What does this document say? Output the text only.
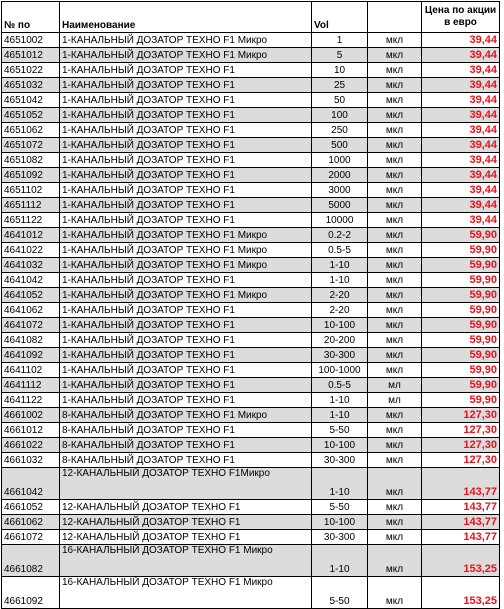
№ по	Наименование	Vol		Цена по акции в евро
4651002	1-КАНАЛЬНЫЙ ДОЗАТОР ТЕХНО F1 Микро	1	мкл	39,44
4651012	1-КАНАЛЬНЫЙ ДОЗАТОР ТЕХНО F1 Микро	5	мкл	39,44
4651022	1-КАНАЛЬНЫЙ ДОЗАТОР ТЕХНО F1	10	мкл	39,44
4651032	1-КАНАЛЬНЫЙ ДОЗАТОР ТЕХНО F1	25	мкл	39,44
4651042	1-КАНАЛЬНЫЙ ДОЗАТОР ТЕХНО F1	50	мкл	39,44
4651052	1-КАНАЛЬНЫЙ ДОЗАТОР ТЕХНО F1	100	мкл	39,44
4651062	1-КАНАЛЬНЫЙ ДОЗАТОР ТЕХНО F1	250	мкл	39,44
4651072	1-КАНАЛЬНЫЙ ДОЗАТОР ТЕХНО F1	500	мкл	39,44
4651082	1-КАНАЛЬНЫЙ ДОЗАТОР ТЕХНО F1	1000	мкл	39,44
4651092	1-КАНАЛЬНЫЙ ДОЗАТОР ТЕХНО F1	2000	мкл	39,44
4651102	1-КАНАЛЬНЫЙ ДОЗАТОР ТЕХНО F1	3000	мкл	39,44
4651112	1-КАНАЛЬНЫЙ ДОЗАТОР ТЕХНО F1	5000	мкл	39,44
4651122	1-КАНАЛЬНЫЙ ДОЗАТОР ТЕХНО F1	10000	мкл	39,44
4641012	1-КАНАЛЬНЫЙ ДОЗАТОР ТЕХНО F1 Микро	0.2-2	мкл	59,90
4641022	1-КАНАЛЬНЫЙ ДОЗАТОР ТЕХНО F1 Микро	0.5-5	мкл	59,90
4641032	1-КАНАЛЬНЫЙ ДОЗАТОР ТЕХНО F1 Микро	1-10	мкл	59,90
4641042	1-КАНАЛЬНЫЙ ДОЗАТОР ТЕХНО F1	1-10	мкл	59,90
4641052	1-КАНАЛЬНЫЙ ДОЗАТОР ТЕХНО F1 Микро	2-20	мкл	59,90
4641062	1-КАНАЛЬНЫЙ ДОЗАТОР ТЕХНО F1	2-20	мкл	59,90
4641072	1-КАНАЛЬНЫЙ ДОЗАТОР ТЕХНО F1	10-100	мкл	59,90
4641082	1-КАНАЛЬНЫЙ ДОЗАТОР ТЕХНО F1	20-200	мкл	59,90
4641092	1-КАНАЛЬНЫЙ ДОЗАТОР ТЕХНО F1	30-300	мкл	59,90
4641102	1-КАНАЛЬНЫЙ ДОЗАТОР ТЕХНО F1	100-1000	мкл	59,90
4641112	1-КАНАЛЬНЫЙ ДОЗАТОР ТЕХНО F1	0.5-5	мл	59,90
4641122	1-КАНАЛЬНЫЙ ДОЗАТОР ТЕХНО F1	1-10	мл	59,90
4661002	8-КАНАЛЬНЫЙ ДОЗАТОР ТЕХНО F1 Микро	1-10	мкл	127,30
4661012	8-КАНАЛЬНЫЙ ДОЗАТОР ТЕХНО F1	5-50	мкл	127,30
4661022	8-КАНАЛЬНЫЙ ДОЗАТОР ТЕХНО F1	10-100	мкл	127,30
4661032	8-КАНАЛЬНЫЙ ДОЗАТОР ТЕХНО F1	30-300	мкл	127,30
4661042	12-КАНАЛЬНЫЙ ДОЗАТОР ТЕХНО F1Микро	1-10	мкл	143,77
4661052	12-КАНАЛЬНЫЙ ДОЗАТОР ТЕХНО F1	5-50	мкл	143,77
4661062	12-КАНАЛЬНЫЙ ДОЗАТОР ТЕХНО F1	10-100	мкл	143,77
4661072	12-КАНАЛЬНЫЙ ДОЗАТОР ТЕХНО F1	30-300	мкл	143,77
4661082	16-КАНАЛЬНЫЙ ДОЗАТОР ТЕХНО F1 Микро	1-10	мкл	153,25
4661092	16-КАНАЛЬНЫЙ ДОЗАТОР ТЕХНО F1 Микро	5-50	мкл	153,25
